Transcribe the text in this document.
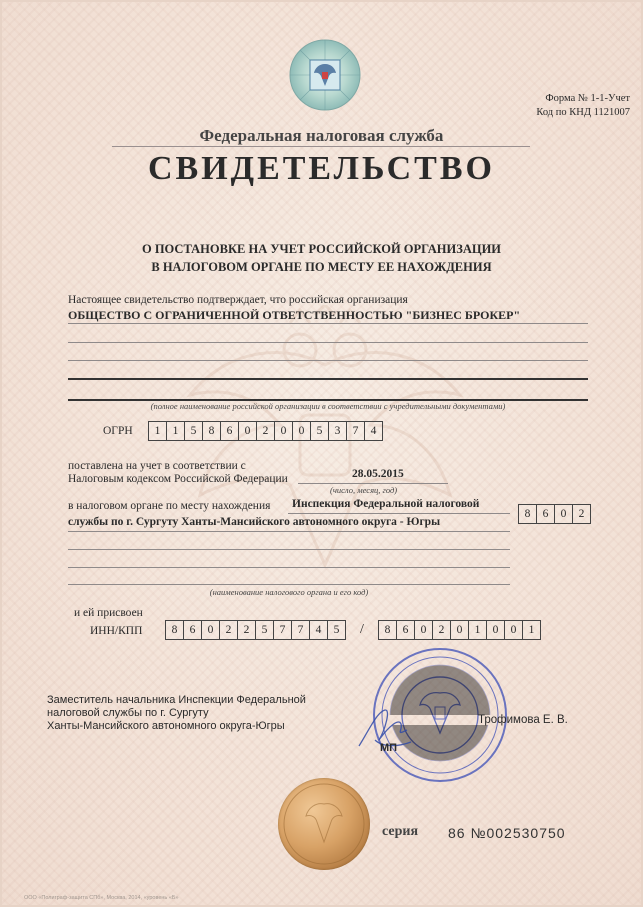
Форма № 1-1-Учет
Код по КНД 1121007
Федеральная налоговая служба
СВИДЕТЕЛЬСТВО
О ПОСТАНОВКЕ НА УЧЕТ РОССИЙСКОЙ ОРГАНИЗАЦИИ
В НАЛОГОВОМ ОРГАНЕ ПО МЕСТУ ЕЕ НАХОЖДЕНИЯ
Настоящее свидетельство подтверждает, что российская организация
ОБЩЕСТВО С ОГРАНИЧЕННОЙ ОТВЕТСТВЕННОСТЬЮ "БИЗНЕС БРОКЕР"
(полное наименование российской организации в соответствии с учредительными документами)
ОГРН	1	1	5	8	6	0	2	0	0	5	3	7	4
поставлена на учет в соответствии с
Налоговым кодексом Российской Федерации	28.05.2015
(число, месяц, год)
в налоговом органе по месту нахождения Инспекция Федеральной налоговой
службы по г. Сургуту Ханты-Мансийского автономного округа - Югры
8	6	0	2
(наименование налогового органа и его код)
и ей присвоен
ИНН/КПП	8	6	0	2	2	5	7	7	4	5	/	8	6	0	2	0	1	0	0	1
Заместитель начальника Инспекции Федеральной
налоговой службы по г. Сургуту
Ханты-Мансийского автономного округа-Югры
МП
Трофимова Е. В.
серия 86 №002530750
ООО «Полиграф-защита СПб», Москва, 2014, «уровень «Б»
